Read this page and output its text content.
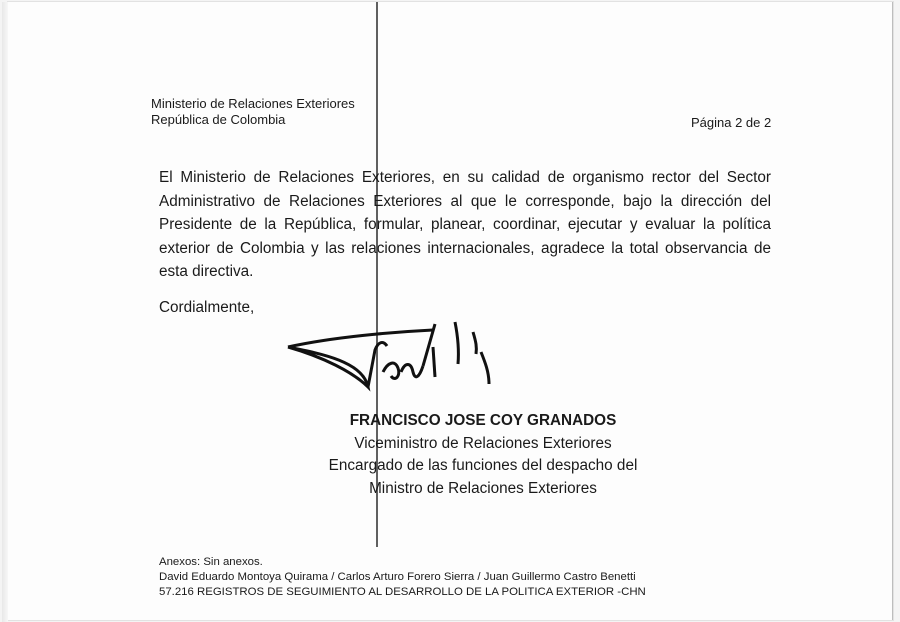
Ministerio de Relaciones Exteriores
República de Colombia	Página 2 de 2
El Ministerio de Relaciones Exteriores, en su calidad de organismo rector del Sector Administrativo de Relaciones Exteriores al que le corresponde, bajo la dirección del Presidente de la República, formular, planear, coordinar, ejecutar y evaluar la política exterior de Colombia y las relaciones internacionales, agradece la total observancia de esta directiva.
Cordialmente,
FRANCISCO JOSE COY GRANADOS
Viceministro de Relaciones Exteriores
Encargado de las funciones del despacho del
Ministro de Relaciones Exteriores
Anexos: Sin anexos.
David Eduardo Montoya Quirama / Carlos Arturo Forero Sierra / Juan Guillermo Castro Benetti
57.216 REGISTROS DE SEGUIMIENTO AL DESARROLLO DE LA POLITICA EXTERIOR -CHN
